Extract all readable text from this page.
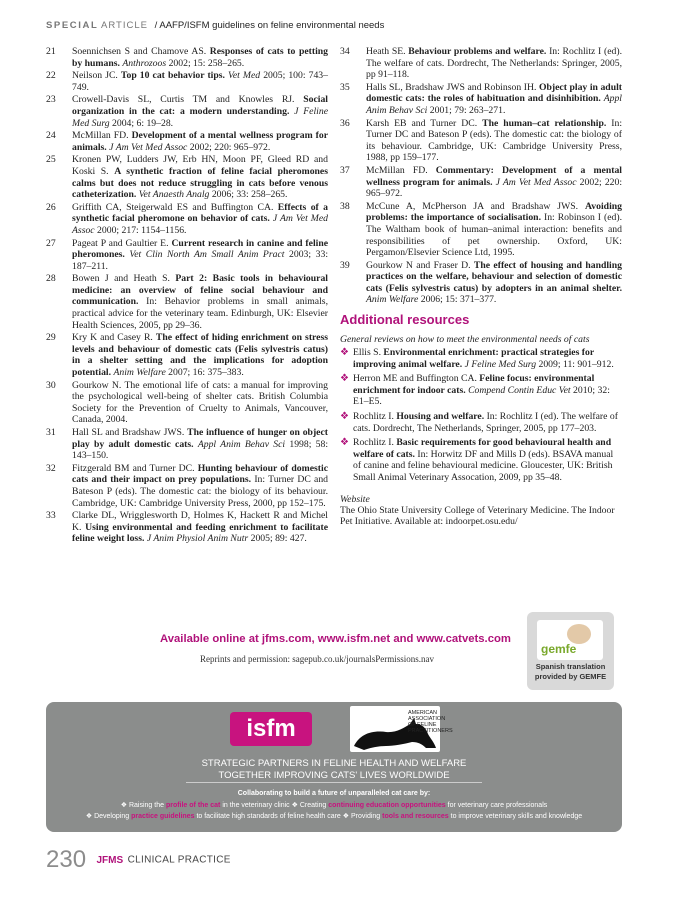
SPECIAL ARTICLE / AAFP/ISFM guidelines on feline environmental needs
21 Soennichsen S and Chamove AS. Responses of cats to petting by humans. Anthrozoos 2002; 15: 258–265.
22 Neilson JC. Top 10 cat behavior tips. Vet Med 2005; 100: 743–749.
23 Crowell-Davis SL, Curtis TM and Knowles RJ. Social organization in the cat: a modern understanding. J Feline Med Surg 2004; 6: 19–28.
24 McMillan FD. Development of a mental wellness program for animals. J Am Vet Med Assoc 2002; 220: 965–972.
25 Kronen PW, Ludders JW, Erb HN, Moon PF, Gleed RD and Koski S. A synthetic fraction of feline facial pheromones calms but does not reduce struggling in cats before venous catheterization. Vet Anaesth Analg 2006; 33: 258–265.
26 Griffith CA, Steigerwald ES and Buffington CA. Effects of a synthetic facial pheromone on behavior of cats. J Am Vet Med Assoc 2000; 217: 1154–1156.
27 Pageat P and Gaultier E. Current research in canine and feline pheromones. Vet Clin North Am Small Anim Pract 2003; 33: 187–211.
28 Bowen J and Heath S. Part 2: Basic tools in behavioural medicine: an overview of feline social behaviour and communication. In: Behavior problems in small animals, practical advice for the veterinary team. Edinburgh, UK: Elsevier Health Sciences, 2005, pp 29–36.
29 Kry K and Casey R. The effect of hiding enrichment on stress levels and behaviour of domestic cats (Felis sylvestris catus) in a shelter setting and the implications for adoption potential. Anim Welfare 2007; 16: 375–383.
30 Gourkow N. The emotional life of cats: a manual for improving the psychological well-being of shelter cats. British Columbia Society for the Prevention of Cruelty to Animals, Vancouver, Canada, 2004.
31 Hall SL and Bradshaw JWS. The influence of hunger on object play by adult domestic cats. Appl Anim Behav Sci 1998; 58: 143–150.
32 Fitzgerald BM and Turner DC. Hunting behaviour of domestic cats and their impact on prey populations. In: Turner DC and Bateson P (eds). The domestic cat: the biology of its behaviour. Cambridge, UK: Cambridge University Press, 2000, pp 152–175.
33 Clarke DL, Wrigglesworth D, Holmes K, Hackett R and Michel K. Using environmental and feeding enrichment to facilitate feline weight loss. J Anim Physiol Anim Nutr 2005; 89: 427.
34 Heath SE. Behaviour problems and welfare. In: Rochlitz I (ed). The welfare of cats. Dordrecht, The Netherlands: Springer, 2005, pp 91–118.
35 Halls SL, Bradshaw JWS and Robinson IH. Object play in adult domestic cats: the roles of habituation and disinhibition. Appl Anim Behav Sci 2001; 79: 263–271.
36 Karsh EB and Turner DC. The human–cat relationship. In: Turner DC and Bateson P (eds). The domestic cat: the biology of its behaviour. Cambridge, UK: Cambridge University Press, 1988, pp 159–177.
37 McMillan FD. Commentary: Development of a mental wellness program for animals. J Am Vet Med Assoc 2002; 220: 965–972.
38 McCune A, McPherson JA and Bradshaw JWS. Avoiding problems: the importance of socialisation. In: Robinson I (ed). The Waltham book of human–animal interaction: benefits and responsibilities of pet ownership. Oxford, UK: Pergamon/Elsevier Science Ltd, 1995.
39 Gourkow N and Fraser D. The effect of housing and handling practices on the welfare, behaviour and selection of domestic cats (Felis sylvestris catus) by adopters in an animal shelter. Anim Welfare 2006; 15: 371–377.
Additional resources
General reviews on how to meet the environmental needs of cats
❖ Ellis S. Environmental enrichment: practical strategies for improving animal welfare. J Feline Med Surg 2009; 11: 901–912.
❖ Herron ME and Buffington CA. Feline focus: environmental enrichment for indoor cats. Compend Contin Educ Vet 2010; 32: E1–E5.
❖ Rochlitz I. Housing and welfare. In: Rochlitz I (ed). The welfare of cats. Dordrecht, The Netherlands, Springer, 2005, pp 177–203.
❖ Rochlitz I. Basic requirements for good behavioural health and welfare of cats. In: Horwitz DF and Mills D (eds). BSAVA manual of canine and feline behavioural medicine. Gloucester, UK: British Small Animal Veterinary Assocation, 2009, pp 35–48.
Website
The Ohio State University College of Veterinary Medicine. The Indoor Pet Initiative. Available at: indoorpet.osu.edu/
Available online at jfms.com, www.isfm.net and www.catvets.com
Reprints and permission: sagepub.co.uk/journalsPermissions.nav
gemfe
Spanish translation
provided by GEMFE
isfm
AMERICAN ASSOCIATION OF FELINE PRACTITIONERS
STRATEGIC PARTNERS IN FELINE HEALTH AND WELFARE
TOGETHER IMPROVING CATS' LIVES WORLDWIDE
Collaborating to build a future of unparalleled cat care by:
❖ Raising the profile of the cat in the veterinary clinic ❖ Creating continuing education opportunities for veterinary care professionals
❖ Developing practice guidelines to facilitate high standards of feline health care ❖ Providing tools and resources to improve veterinary skills and knowledge
230 JFMS CLINICAL PRACTICE
